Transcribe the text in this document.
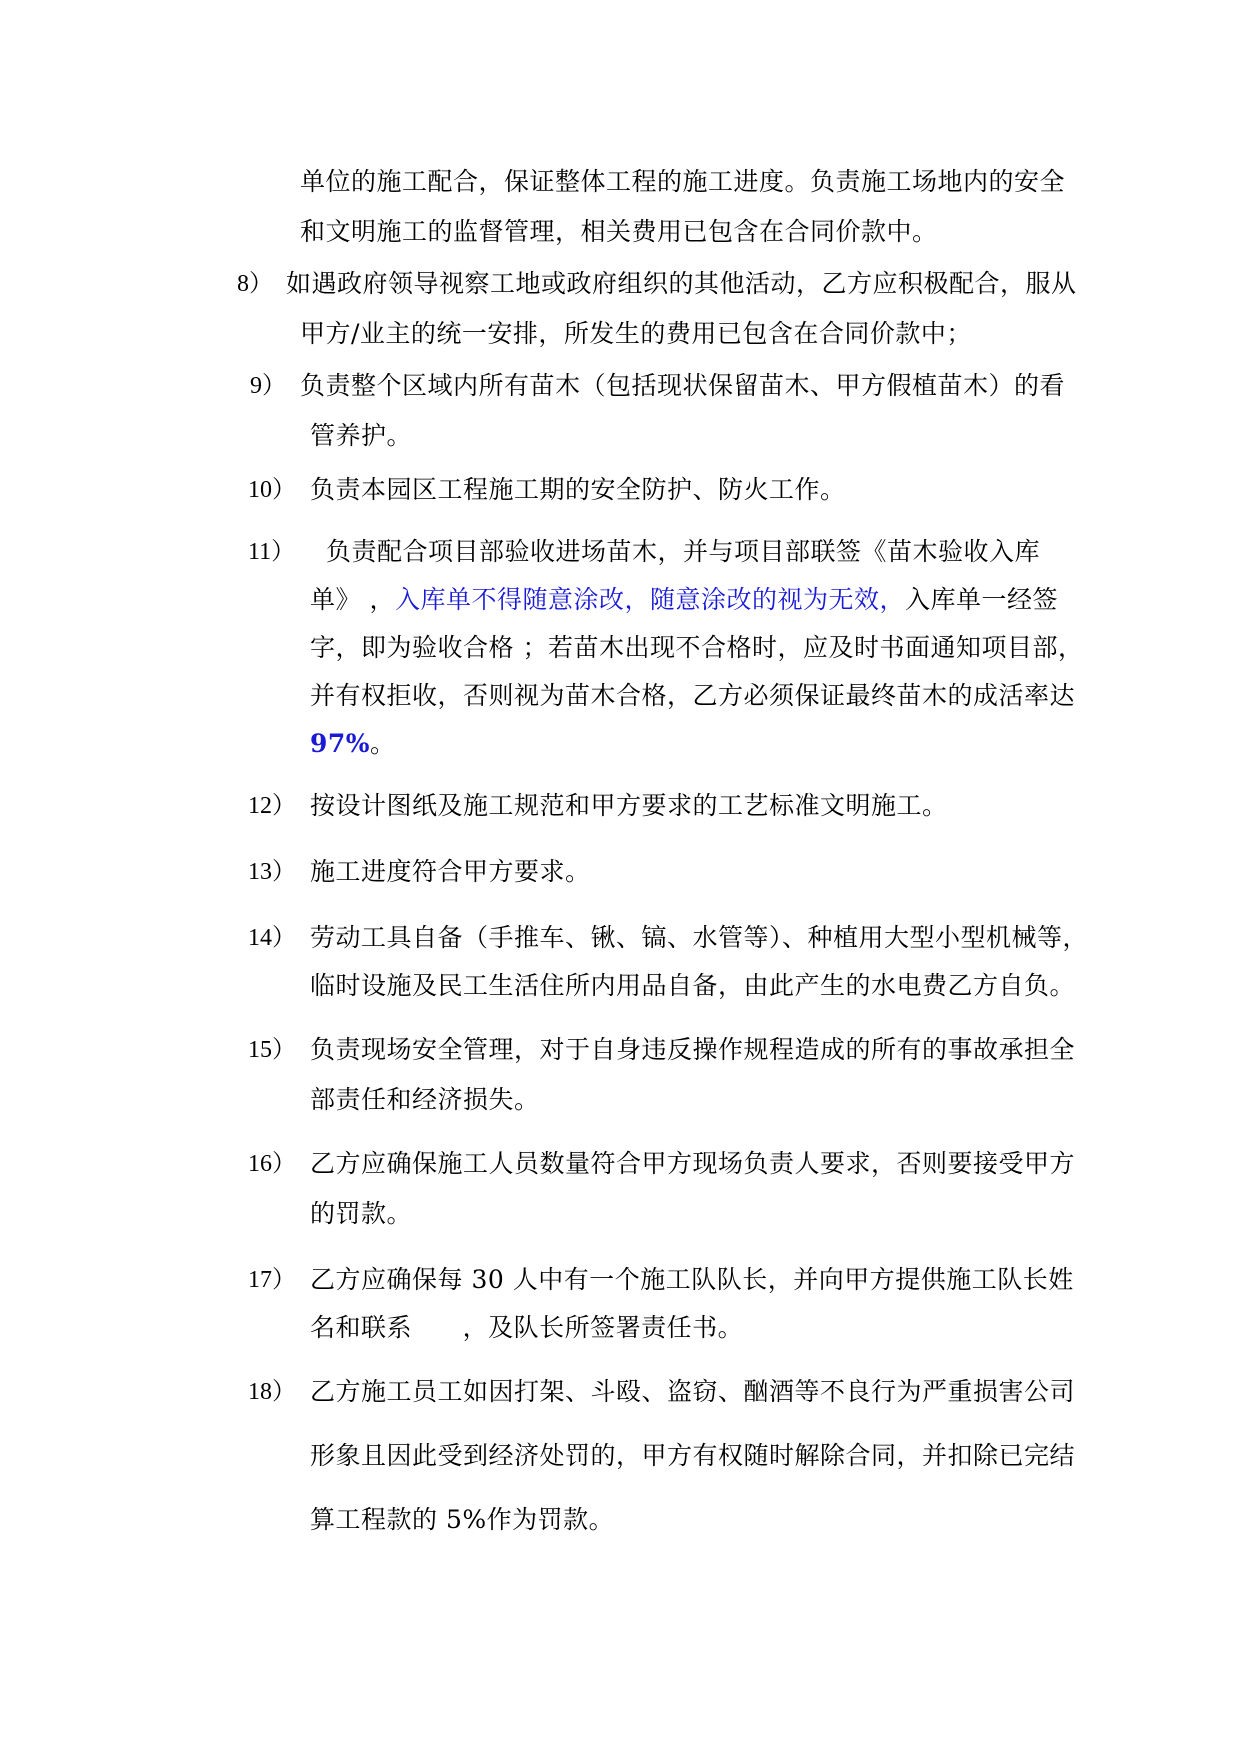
单位的施工配合，保证整体工程的施工进度。负责施工场地内的安全
和文明施工的监督管理，相关费用已包含在合同价款中。
8） 如遇政府领导视察工地或政府组织的其他活动，乙方应积极配合，服从
甲方/业主的统一安排，所发生的费用已包含在合同价款中；
9） 负责整个区域内所有苗木（包括现状保留苗木、甲方假植苗木）的看
管养护。
10） 负责本园区工程施工期的安全防护、防火工作。
11） 负责配合项目部验收进场苗木，并与项目部联签《苗木验收入库
单》 ，入库单不得随意涂改，随意涂改的视为无效，入库单一经签
字，即为验收合格 ；若苗木出现不合格时，应及时书面通知项目部，
并有权拒收，否则视为苗木合格，乙方必须保证最终苗木的成活率达
97%。
12） 按设计图纸及施工规范和甲方要求的工艺标准文明施工。
13） 施工进度符合甲方要求。
14） 劳动工具自备（手推车、锹、镐、水管等）、种植用大型小型机械等，
临时设施及民工生活住所内用品自备，由此产生的水电费乙方自负。
15） 负责现场安全管理，对于自身违反操作规程造成的所有的事故承担全
部责任和经济损失。
16） 乙方应确保施工人员数量符合甲方现场负责人要求，否则要接受甲方
的罚款。
17） 乙方应确保每 30 人中有一个施工队队长，并向甲方提供施工队长姓
名和联系      ，及队长所签署责任书。
18） 乙方施工员工如因打架、斗殴、盗窃、酗酒等不良行为严重损害公司
形象且因此受到经济处罚的，甲方有权随时解除合同，并扣除已完结
算工程款的 5%作为罚款。
